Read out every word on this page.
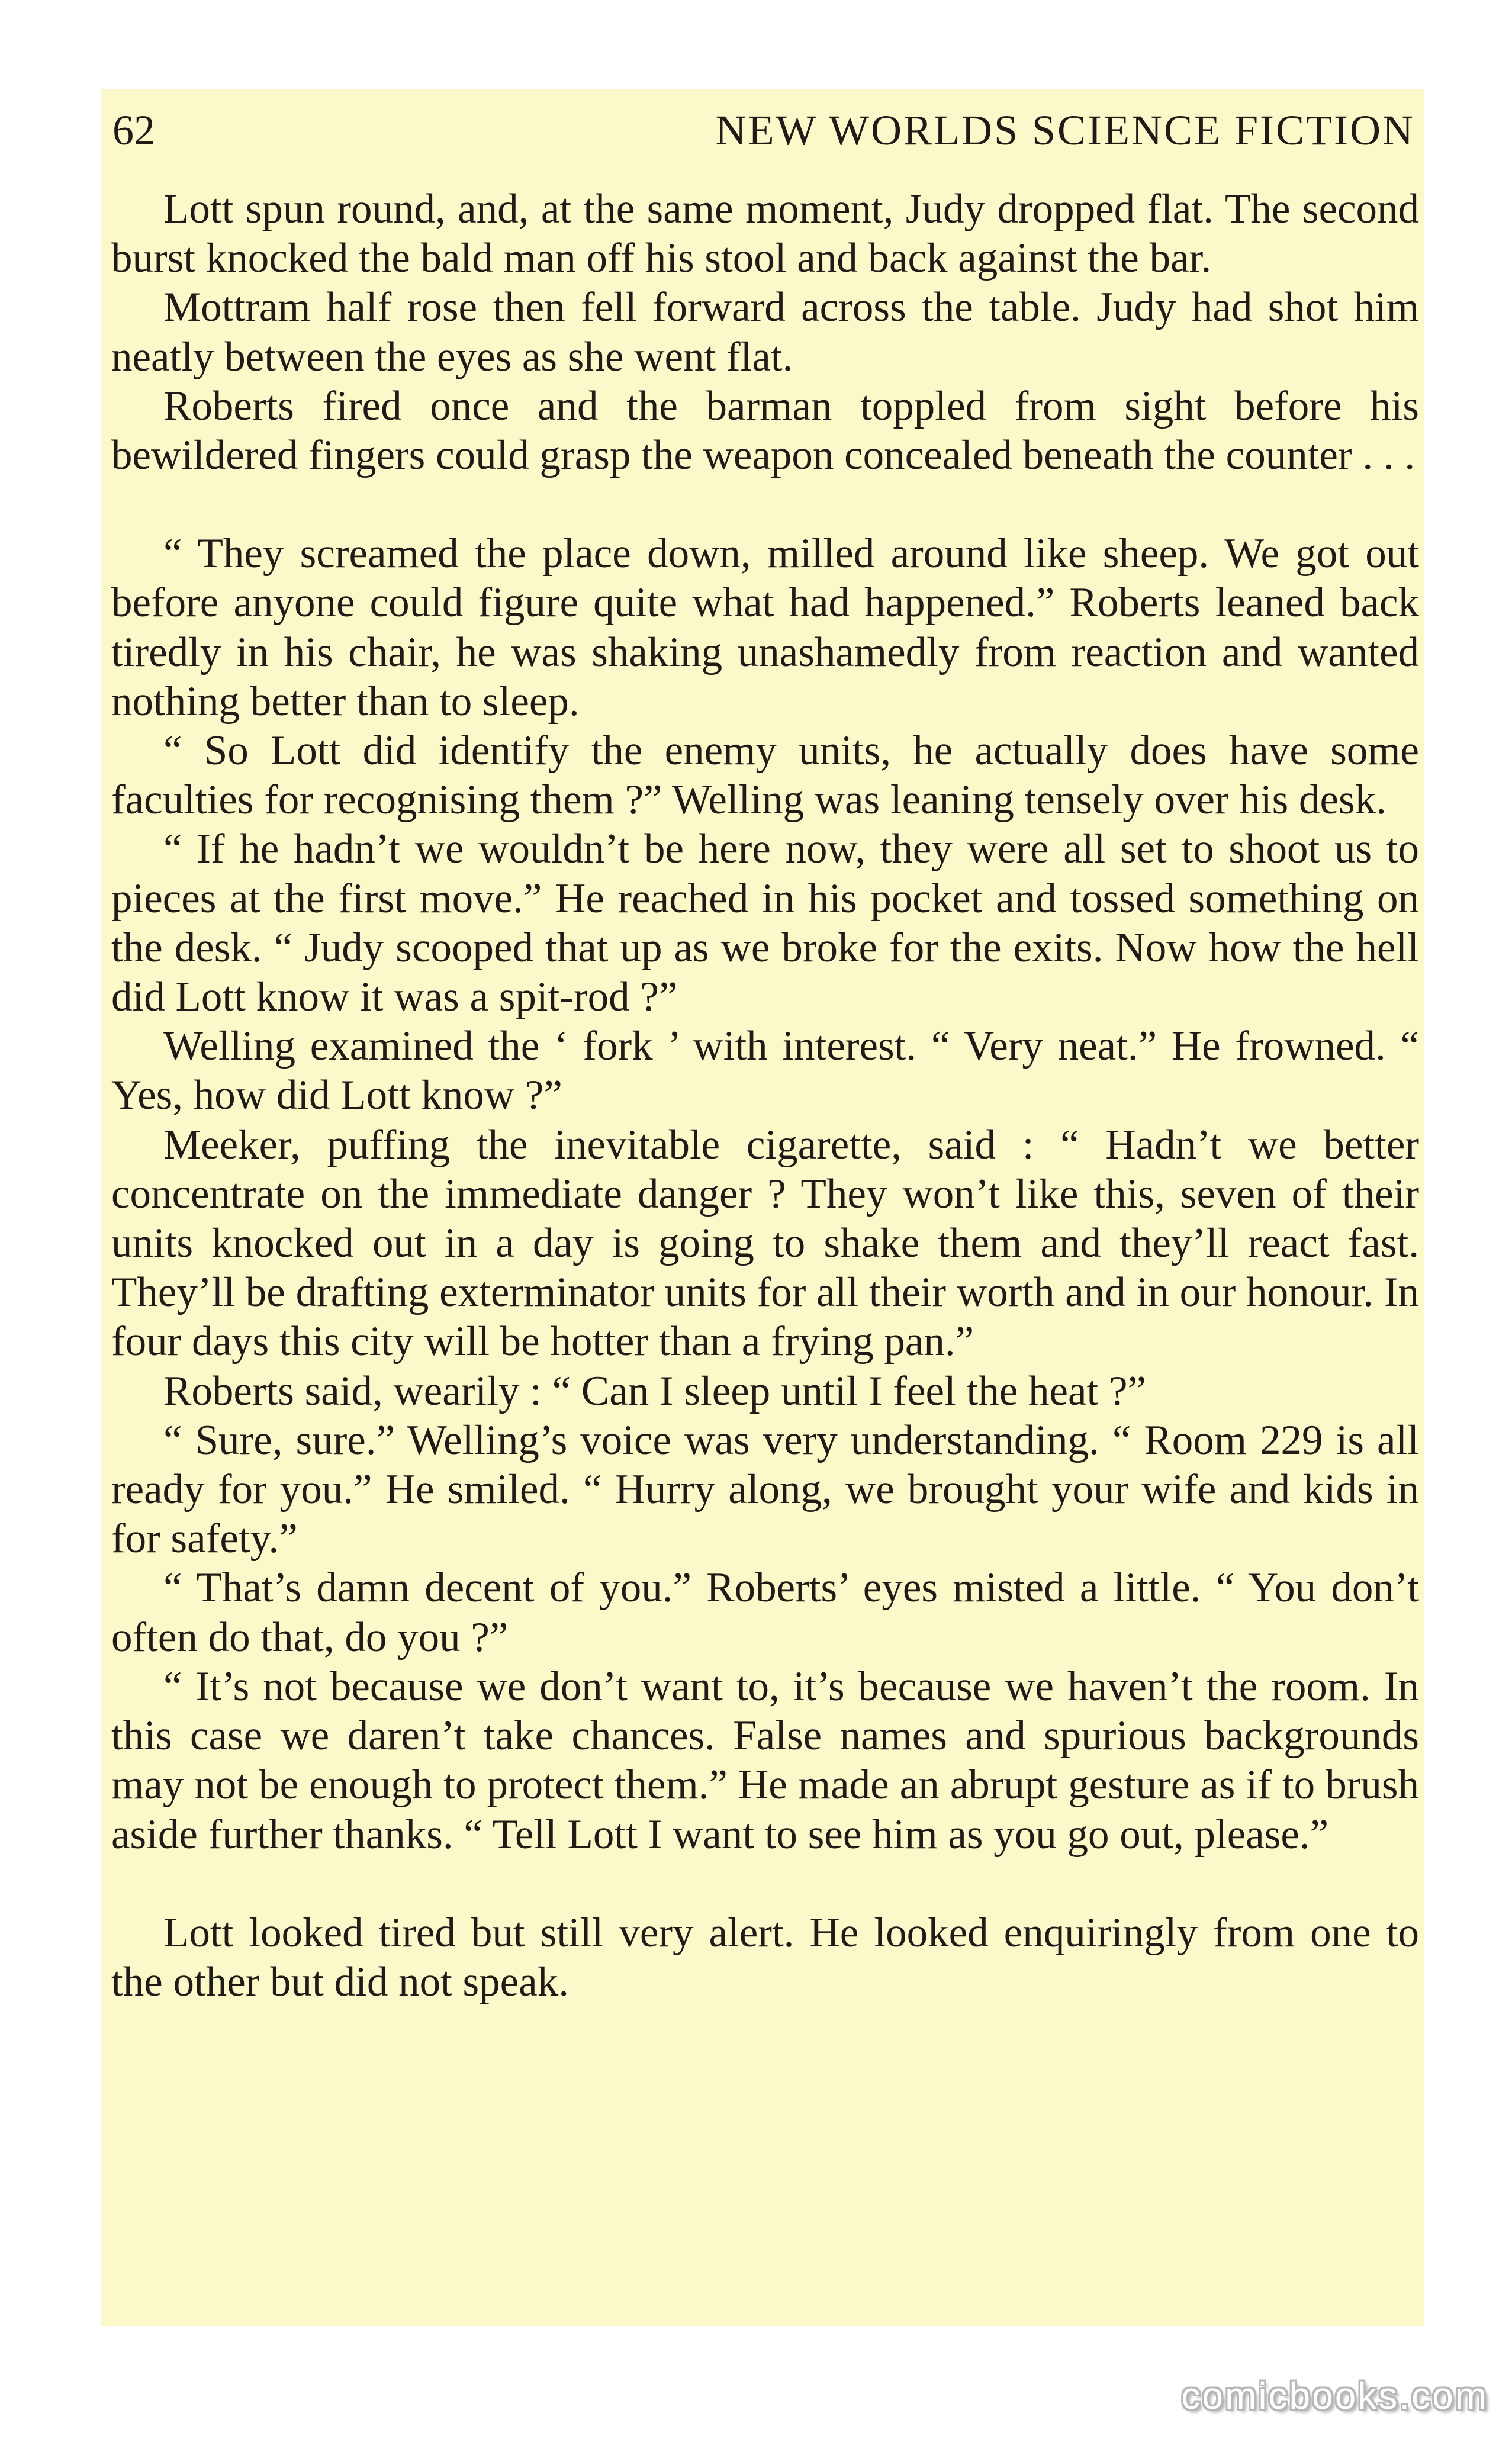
62	NEW WORLDS SCIENCE FICTION

Lott spun round, and, at the same moment, Judy dropped flat. The second burst knocked the bald man off his stool and back against the bar.

Mottram half rose then fell forward across the table. Judy had shot him neatly between the eyes as she went flat.

Roberts fired once and the barman toppled from sight before his bewildered fingers could grasp the weapon concealed beneath the counter . . .

“ They screamed the place down, milled around like sheep. We got out before anyone could figure quite what had happened.” Roberts leaned back tiredly in his chair, he was shaking unashamedly from reaction and wanted nothing better than to sleep.

“ So Lott did identify the enemy units, he actually does have some faculties for recognising them ?” Welling was leaning tensely over his desk.

“ If he hadn’t we wouldn’t be here now, they were all set to shoot us to pieces at the first move.” He reached in his pocket and tossed something on the desk. “ Judy scooped that up as we broke for the exits. Now how the hell did Lott know it was a spit-rod ?”

Welling examined the ‘ fork ’ with interest. “ Very neat.” He frowned. “ Yes, how did Lott know ?”

Meeker, puffing the inevitable cigarette, said : “ Hadn’t we better concentrate on the immediate danger ? They won’t like this, seven of their units knocked out in a day is going to shake them and they’ll react fast. They’ll be drafting exterminator units for all their worth and in our honour. In four days this city will be hotter than a frying pan.”

Roberts said, wearily : “ Can I sleep until I feel the heat ?”

“ Sure, sure.” Welling’s voice was very understanding. “ Room 229 is all ready for you.” He smiled. “ Hurry along, we brought your wife and kids in for safety.”

“ That’s damn decent of you.” Roberts’ eyes misted a little. “ You don’t often do that, do you ?”

“ It’s not because we don’t want to, it’s because we haven’t the room. In this case we daren’t take chances. False names and spurious backgrounds may not be enough to protect them.” He made an abrupt gesture as if to brush aside further thanks. “ Tell Lott I want to see him as you go out, please.”

Lott looked tired but still very alert. He looked enquiringly from one to the other but did not speak.

comicbooks.com
